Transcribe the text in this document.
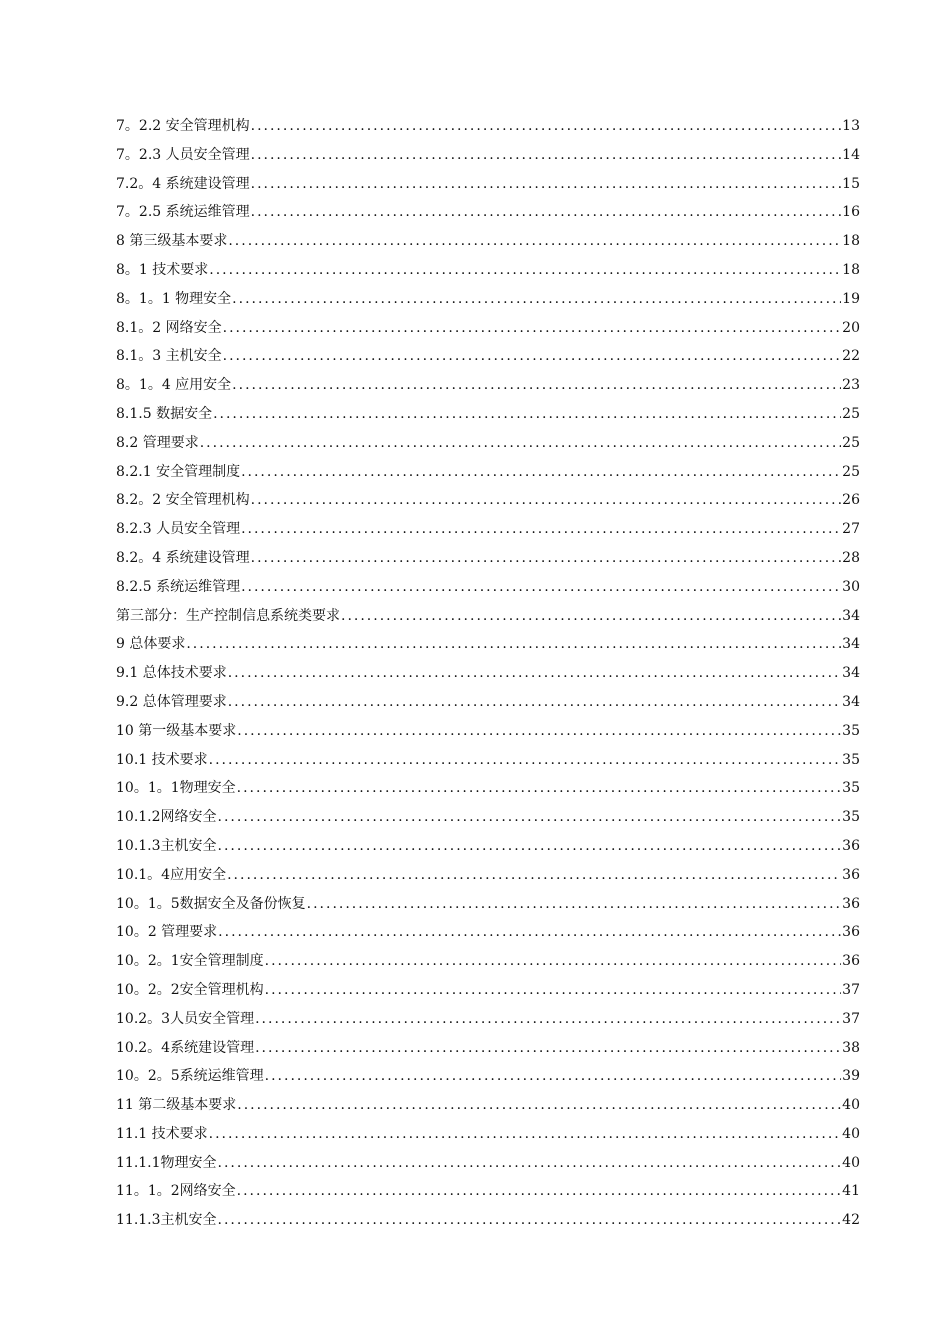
7。2.2 安全管理机构 .....	13
7。2.3 人员安全管理 .....	14
7.2。4 系统建设管理 .....	15
7。2.5 系统运维管理 .....	16
8 第三级基本要求 .....	18
8。1 技术要求 .....	18
8。1。1 物理安全 .....	19
8.1。2 网络安全 .....	20
8.1。3 主机安全 .....	22
8。1。4 应用安全 .....	23
8.1.5 数据安全 .....	25
8.2 管理要求 .....	25
8.2.1 安全管理制度 .....	25
8.2。2 安全管理机构 .....	26
8.2.3 人员安全管理 .....	27
8.2。4 系统建设管理 .....	28
8.2.5 系统运维管理 .....	30
第三部分：生产控制信息系统类要求 .....	34
9 总体要求 .....	34
9.1 总体技术要求 .....	34
9.2 总体管理要求 .....	34
10 第一级基本要求 .....	35
10.1 技术要求 .....	35
10。1。1物理安全 .....	35
10.1.2网络安全 .....	35
10.1.3主机安全 .....	36
10.1。4应用安全 .....	36
10。1。5数据安全及备份恢复 .....	36
10。2 管理要求 .....	36
10。2。1安全管理制度 .....	36
10。2。2安全管理机构 .....	37
10.2。3人员安全管理 .....	37
10.2。4系统建设管理 .....	38
10。2。5系统运维管理 .....	39
11 第二级基本要求 .....	40
11.1 技术要求 .....	40
11.1.1物理安全 .....	40
11。1。2网络安全 .....	41
11.1.3主机安全 .....	42
